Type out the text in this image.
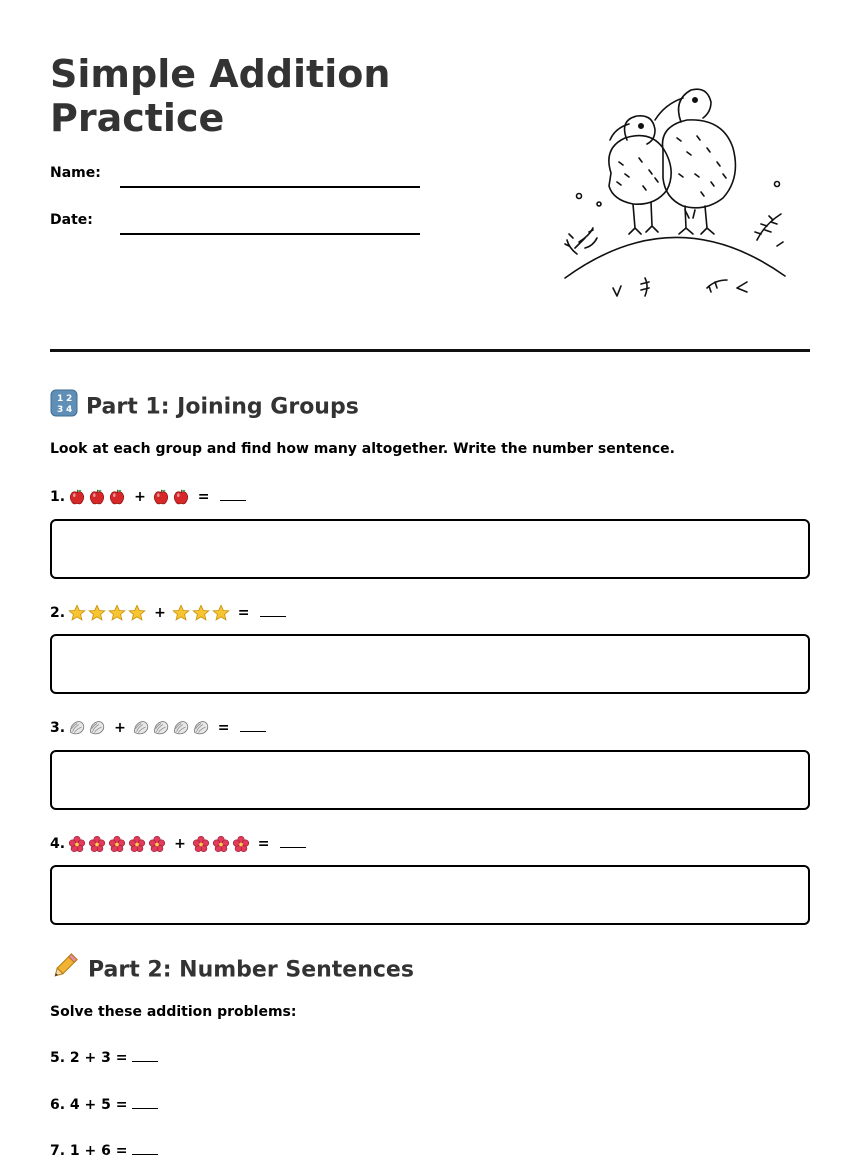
Simple Addition Practice
Name:
Date:
1 2
3 4 Part 1: Joining Groups
Look at each group and find how many altogether. Write the number sentence.
1.	+	=
2.	+	=
3.	+	=
4.	+	=
Part 2: Number Sentences
Solve these addition problems:
5. 2 + 3 =
6. 4 + 5 =
7. 1 + 6 =
